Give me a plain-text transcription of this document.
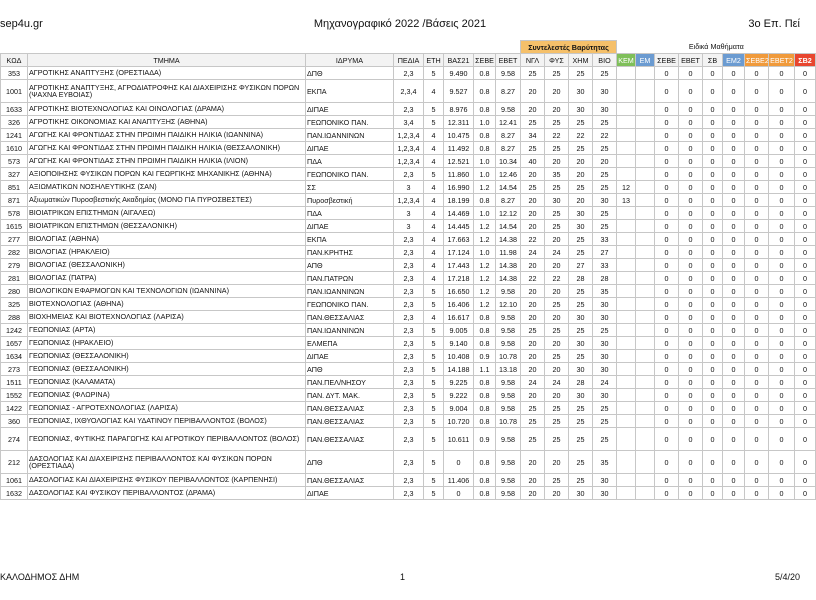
sep4u.gr	Μηχανογραφικό 2022 /Βάσεις 2021	3ο Επ. Πεί
								Συντελεστές Βαρύτητας				Ειδικά Μαθήματα								
ΚΩΔ	ΤΜΗΜΑ	ΙΔΡΥΜΑ	ΠΕΔΙΑ	ΕΤΗ	ΒΑΣ21	ΣΕΒΕ	ΕΒΕΤ	ΝΓΛ	ΦΥΣ	ΧΗΜ	ΒΙΟ	ΚΕΜ	ΕΜ	ΣΕΒΕ	ΕΒΕΤ	ΣΒ	ΕΜ2	ΣΕΒΕ2	ΕΒΕΤ2	ΣΒ2
353	ΑΓΡΟΤΙΚΗΣ ΑΝΑΠΤΥΞΗΣ (ΟΡΕΣΤΙΑΔΑ)	ΔΠΘ	2,3	5	9.490	0.8	9.58	25	25	25	25			0	0	0	0	0	0	0
1001	ΑΓΡΟΤΙΚΗΣ ΑΝΑΠΤΥΞΗΣ, ΑΓΡΟΔΙΑΤΡΟΦΗΣ ΚΑΙ ΔΙΑΧΕΙΡΙΣΗΣ ΦΥΣΙΚΩΝ ΠΟΡΩΝ (ΨΑΧΝΑ ΕΥΒΟΙΑΣ)	ΕΚΠΑ	2,3,4	4	9.527	0.8	8.27	20	20	30	30			0	0	0	0	0	0	0
1633	ΑΓΡΟΤΙΚΗΣ ΒΙΟΤΕΧΝΟΛΟΓΙΑΣ ΚΑΙ ΟΙΝΟΛΟΓΙΑΣ (ΔΡΑΜΑ)	ΔΙΠΑΕ	2,3	5	8.976	0.8	9.58	20	20	30	30			0	0	0	0	0	0	0
326	ΑΓΡΟΤΙΚΗΣ ΟΙΚΟΝΟΜΙΑΣ ΚΑΙ ΑΝΑΠΤΥΞΗΣ (ΑΘΗΝΑ)	ΓΕΩΠΟΝΙΚΟ ΠΑΝ.	3,4	5	12.311	1.0	12.41	25	25	25	25			0	0	0	0	0	0	0
1241	ΑΓΩΓΗΣ ΚΑΙ ΦΡΟΝΤΙΔΑΣ ΣΤΗΝ ΠΡΩΙΜΗ ΠΑΙΔΙΚΗ ΗΛΙΚΙΑ (ΙΩΑΝΝΙΝΑ)	ΠΑΝ.ΙΩΑΝΝΙΝΩΝ	1,2,3,4	4	10.475	0.8	8.27	34	22	22	22			0	0	0	0	0	0	0
1610	ΑΓΩΓΗΣ ΚΑΙ ΦΡΟΝΤΙΔΑΣ ΣΤΗΝ ΠΡΩΙΜΗ ΠΑΙΔΙΚΗ ΗΛΙΚΙΑ (ΘΕΣΣΑΛΟΝΙΚΗ)	ΔΙΠΑΕ	1,2,3,4	4	11.492	0.8	8.27	25	25	25	25			0	0	0	0	0	0	0
573	ΑΓΩΓΗΣ ΚΑΙ ΦΡΟΝΤΙΔΑΣ ΣΤΗΝ ΠΡΩΙΜΗ ΠΑΙΔΙΚΗ ΗΛΙΚΙΑ (ΙΛΙΟΝ)	ΠΔΑ	1,2,3,4	4	12.521	1.0	10.34	40	20	20	20			0	0	0	0	0	0	0
327	ΑΞΙΟΠΟΙΗΣΗΣ ΦΥΣΙΚΩΝ ΠΟΡΩΝ ΚΑΙ ΓΕΩΡΓΙΚΗΣ ΜΗΧΑΝΙΚΗΣ (ΑΘΗΝΑ)	ΓΕΩΠΟΝΙΚΟ ΠΑΝ.	2,3	5	11.860	1.0	12.46	20	35	20	25			0	0	0	0	0	0	0
851	ΑΞΙΩΜΑΤΙΚΩΝ ΝΟΣΗΛΕΥΤΙΚΗΣ (ΣΑΝ)	ΣΣ	3	4	16.990	1.2	14.54	25	25	25	25	12		0	0	0	0	0	0	0
871	Αξιωματικών Πυροσβεστικής Ακαδημίας (ΜΟΝΟ ΓΙΑ ΠΥΡΟΣΒΕΣΤΕΣ)	Πυροσβεστική	1,2,3,4	4	18.199	0.8	8.27	20	30	20	30	13		0	0	0	0	0	0	0
578	ΒΙΟΙΑΤΡΙΚΩΝ ΕΠΙΣΤΗΜΩΝ (ΑΙΓΑΛΕΩ)	ΠΔΑ	3	4	14.469	1.0	12.12	20	25	30	25			0	0	0	0	0	0	0
1615	ΒΙΟΙΑΤΡΙΚΩΝ ΕΠΙΣΤΗΜΩΝ (ΘΕΣΣΑΛΟΝΙΚΗ)	ΔΙΠΑΕ	3	4	14.445	1.2	14.54	20	25	30	25			0	0	0	0	0	0	0
277	ΒΙΟΛΟΓΙΑΣ (ΑΘΗΝΑ)	ΕΚΠΑ	2,3	4	17.663	1.2	14.38	22	20	25	33			0	0	0	0	0	0	0
282	ΒΙΟΛΟΓΙΑΣ (ΗΡΑΚΛΕΙΟ)	ΠΑΝ.ΚΡΗΤΗΣ	2,3	4	17.124	1.0	11.98	24	24	25	27			0	0	0	0	0	0	0
279	ΒΙΟΛΟΓΙΑΣ (ΘΕΣΣΑΛΟΝΙΚΗ)	ΑΠΘ	2,3	4	17.443	1.2	14.38	20	20	27	33			0	0	0	0	0	0	0
281	ΒΙΟΛΟΓΙΑΣ (ΠΑΤΡΑ)	ΠΑΝ.ΠΑΤΡΩΝ	2,3	4	17.218	1.2	14.38	22	22	28	28			0	0	0	0	0	0	0
280	ΒΙΟΛΟΓΙΚΩΝ ΕΦΑΡΜΟΓΩΝ ΚΑΙ ΤΕΧΝΟΛΟΓΙΩΝ (ΙΩΑΝΝΙΝΑ)	ΠΑΝ.ΙΩΑΝΝΙΝΩΝ	2,3	5	16.650	1.2	9.58	20	20	25	35			0	0	0	0	0	0	0
325	ΒΙΟΤΕΧΝΟΛΟΓΙΑΣ (ΑΘΗΝΑ)	ΓΕΩΠΟΝΙΚΟ ΠΑΝ.	2,3	5	16.406	1.2	12.10	20	25	25	30			0	0	0	0	0	0	0
288	ΒΙΟΧΗΜΕΙΑΣ ΚΑΙ ΒΙΟΤΕΧΝΟΛΟΓΙΑΣ (ΛΑΡΙΣΑ)	ΠΑΝ.ΘΕΣΣΑΛΙΑΣ	2,3	4	16.617	0.8	9.58	20	20	30	30			0	0	0	0	0	0	0
1242	ΓΕΩΠΟΝΙΑΣ (ΑΡΤΑ)	ΠΑΝ.ΙΩΑΝΝΙΝΩΝ	2,3	5	9.005	0.8	9.58	25	25	25	25			0	0	0	0	0	0	0
1657	ΓΕΩΠΟΝΙΑΣ (ΗΡΑΚΛΕΙΟ)	ΕΛΜΕΠΑ	2,3	5	9.140	0.8	9.58	20	20	30	30			0	0	0	0	0	0	0
1634	ΓΕΩΠΟΝΙΑΣ (ΘΕΣΣΑΛΟΝΙΚΗ)	ΔΙΠΑΕ	2,3	5	10.408	0.9	10.78	20	25	25	30			0	0	0	0	0	0	0
273	ΓΕΩΠΟΝΙΑΣ (ΘΕΣΣΑΛΟΝΙΚΗ)	ΑΠΘ	2,3	5	14.188	1.1	13.18	20	20	30	30			0	0	0	0	0	0	0
1511	ΓΕΩΠΟΝΙΑΣ (ΚΑΛΑΜΑΤΑ)	ΠΑΝ.ΠΕΛ/ΝΗΣΟΥ	2,3	5	9.225	0.8	9.58	24	24	28	24			0	0	0	0	0	0	0
1552	ΓΕΩΠΟΝΙΑΣ (ΦΛΩΡΙΝΑ)	ΠΑΝ. ΔΥΤ. ΜΑΚ.	2,3	5	9.222	0.8	9.58	20	20	30	30			0	0	0	0	0	0	0
1422	ΓΕΩΠΟΝΙΑΣ - ΑΓΡΟΤΕΧΝΟΛΟΓΙΑΣ (ΛΑΡΙΣΑ)	ΠΑΝ.ΘΕΣΣΑΛΙΑΣ	2,3	5	9.004	0.8	9.58	25	25	25	25			0	0	0	0	0	0	0
360	ΓΕΩΠΟΝΙΑΣ, ΙΧΘΥΟΛΟΓΙΑΣ ΚΑΙ ΥΔΑΤΙΝΟΥ ΠΕΡΙΒΑΛΛΟΝΤΟΣ (ΒΟΛΟΣ)	ΠΑΝ.ΘΕΣΣΑΛΙΑΣ	2,3	5	10.720	0.8	10.78	25	25	25	25			0	0	0	0	0	0	0
274	ΓΕΩΠΟΝΙΑΣ, ΦΥΤΙΚΗΣ ΠΑΡΑΓΩΓΗΣ ΚΑΙ ΑΓΡΟΤΙΚΟΥ ΠΕΡΙΒΑΛΛΟΝΤΟΣ (ΒΟΛΟΣ)	ΠΑΝ.ΘΕΣΣΑΛΙΑΣ	2,3	5	10.611	0.9	9.58	25	25	25	25			0	0	0	0	0	0	0
212	ΔΑΣΟΛΟΓΙΑΣ ΚΑΙ ΔΙΑΧΕΙΡΙΣΗΣ ΠΕΡΙΒΑΛΛΟΝΤΟΣ ΚΑΙ ΦΥΣΙΚΩΝ ΠΟΡΩΝ (ΟΡΕΣΤΙΑΔΑ)	ΔΠΘ	2,3	5	0	0.8	9.58	20	20	25	35			0	0	0	0	0	0	0
1061	ΔΑΣΟΛΟΓΙΑΣ ΚΑΙ ΔΙΑΧΕΙΡΙΣΗΣ ΦΥΣΙΚΟΥ ΠΕΡΙΒΑΛΛΟΝΤΟΣ (ΚΑΡΠΕΝΗΣΙ)	ΠΑΝ.ΘΕΣΣΑΛΙΑΣ	2,3	5	11.406	0.8	9.58	20	25	25	30			0	0	0	0	0	0	0
1632	ΔΑΣΟΛΟΓΙΑΣ ΚΑΙ ΦΥΣΙΚΟΥ ΠΕΡΙΒΑΛΛΟΝΤΟΣ (ΔΡΑΜΑ)	ΔΙΠΑΕ	2,3	5	0	0.8	9.58	20	20	30	30			0	0	0	0	0	0	0
ΚΑΛΟΔΗΜΟΣ ΔΗΜ	1	5/4/20
